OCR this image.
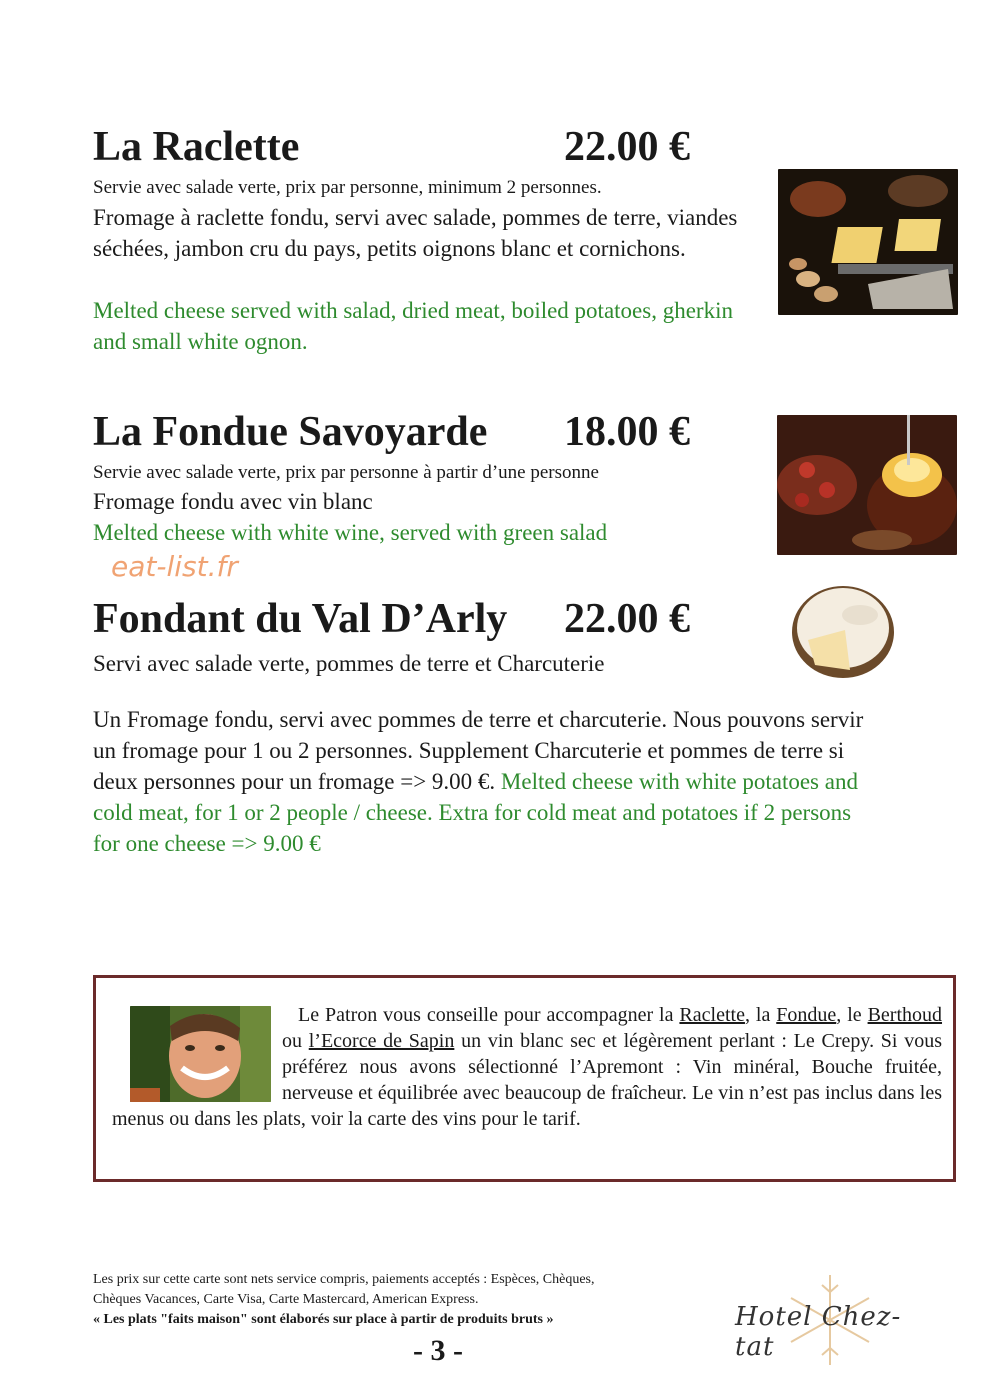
La Raclette	22.00 €
Servie avec salade verte, prix par personne, minimum 2 personnes.
Fromage à raclette fondu, servi avec salade, pommes de terre, viandes séchées, jambon cru du pays, petits oignons blanc et cornichons.
Melted cheese served with salad, dried meat, boiled potatoes, gherkin and small white ognon.
La Fondue Savoyarde 18.00 €
Servie avec salade verte, prix par personne à partir d’une personne
Fromage fondu avec vin blanc
Melted cheese with white wine, served with green salad
eat-list.fr
Fondant du Val D’Arly 22.00 €
Servi avec salade verte, pommes de terre et Charcuterie
Un Fromage fondu, servi avec pommes de terre et charcuterie. Nous pouvons servir un fromage pour 1 ou 2 personnes. Supplement Charcuterie et pommes de terre si deux personnes pour un fromage => 9.00 €. Melted cheese with white potatoes and cold meat, for 1 or 2 people / cheese. Extra for cold meat and potatoes if 2 persons for one cheese => 9.00 €
Le Patron vous conseille pour accompagner la Raclette, la Fondue, le Berthoud ou l’Ecorce de Sapin un vin blanc sec et légèrement perlant : Le Crepy. Si vous préférez nous avons sélectionné l’Apremont : Vin minéral, Bouche fruitée, nerveuse et équilibrée avec beaucoup de fraîcheur. Le vin n’est pas inclus dans les menus ou dans les plats, voir la carte des vins pour le tarif.
Les prix sur cette carte sont nets service compris, paiements acceptés : Espèces, Chèques,
Chèques Vacances, Carte Visa, Carte Mastercard, American Express.
« Les plats "faits maison" sont élaborés sur place à partir de produits bruts »
- 3 -
Hotel Chez-tat
